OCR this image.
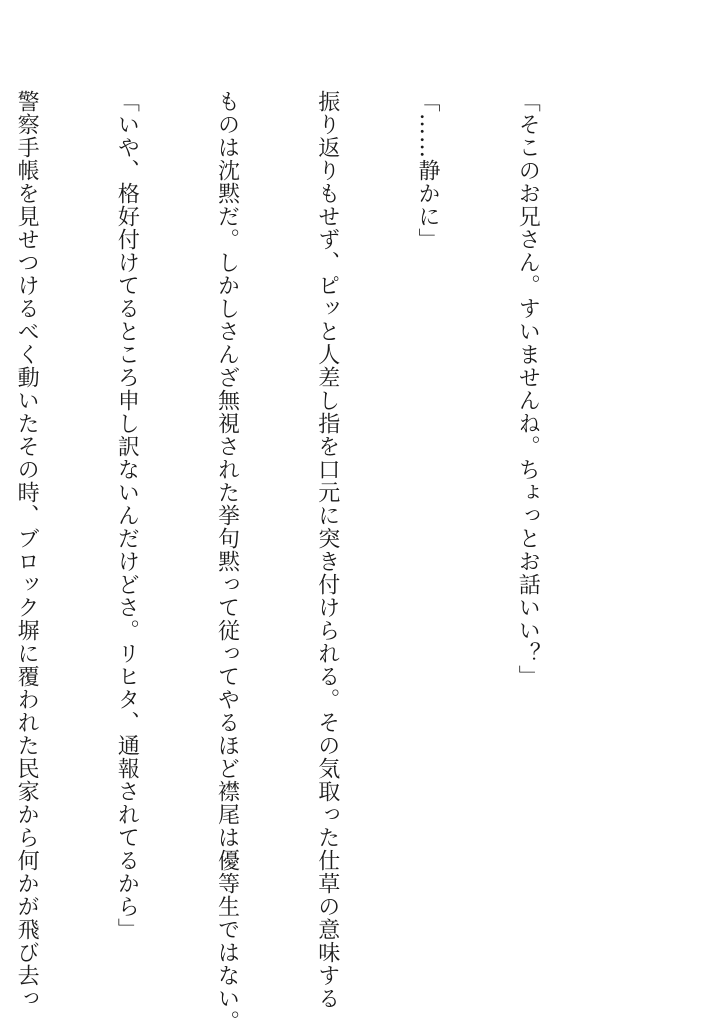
「そこのお兄さん。すいませんね。ちょっとお話いい？」

「……静かに」

振り返りもせず、ピッと人差し指を口元に突き付けられる。その気取った仕草の意味する

ものは沈黙だ。しかしさんざ無視された挙句黙って従ってやるほど襟尾は優等生ではない。

「いや、格好付けてるところ申し訳ないんだけどさ。リヒタ、通報されてるから」

警察手帳を見せつけるべく動いたその時、ブロック塀に覆われた民家から何かが飛び去っ
